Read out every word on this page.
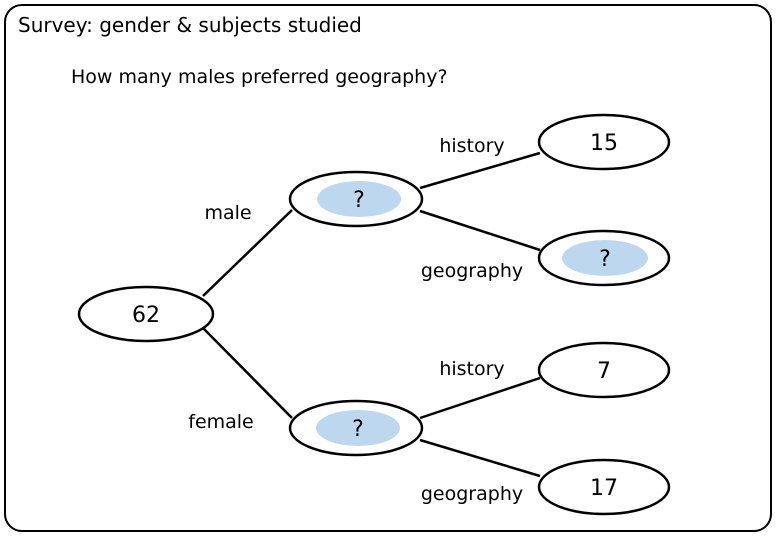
Survey: gender & subjects studied
How many males preferred geography?
62
?
male
?
female
history	15
geography	?
history	7
geography	17
